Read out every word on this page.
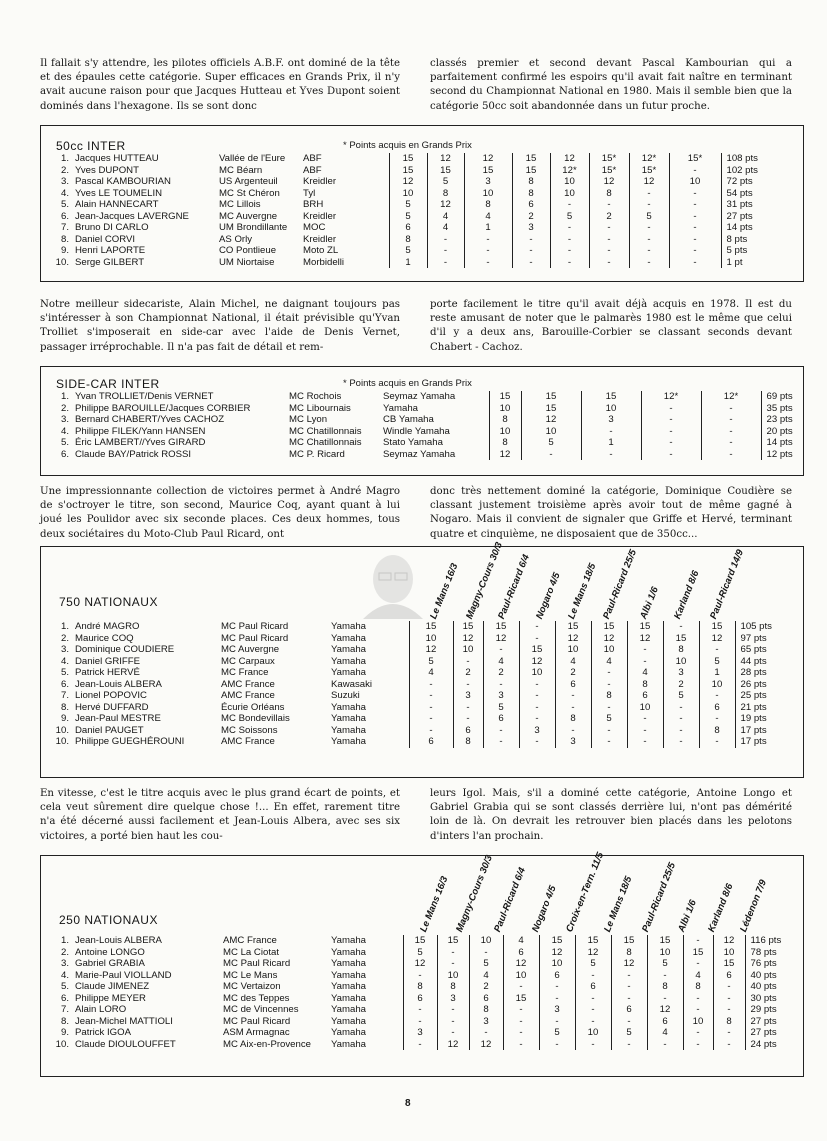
Il fallait s'y attendre, les pilotes officiels A.B.F. ont dominé de la tête et des épaules cette catégorie. Super efficaces en Grands Prix, il n'y avait aucune raison pour que Jacques Hutteau et Yves Dupont soient dominés dans l'hexagone. Ils se sont donc

classés premier et second devant Pascal Kambourian qui a parfaitement confirmé les espoirs qu'il avait fait naître en terminant second du Championnat National en 1980. Mais il semble bien que la catégorie 50cc soit abandonnée dans un futur proche.

50cc INTER	* Points acquis en Grands Prix
1.	Jacques HUTTEAU	Vallée de l'Eure	ABF	15	12	12	15	12	15*	12*	15*	108 pts
2.	Yves DUPONT	MC Béarn	ABF	15	15	15	15	12*	15*	15*	-	102 pts
3.	Pascal KAMBOURIAN	US Argenteuil	Kreidler	12	5	3	8	10	12	12	10	72 pts
4.	Yves LE TOUMELIN	MC St Chéron	Tyl	10	8	10	8	10	8	-	-	54 pts
5.	Alain HANNECART	MC Lillois	BRH	5	12	8	6	-	-	-	-	31 pts
6.	Jean-Jacques LAVERGNE	MC Auvergne	Kreidler	5	4	4	2	5	2	5	-	27 pts
7.	Bruno DI CARLO	UM Brondillante	MOC	6	4	1	3	-	-	-	-	14 pts
8.	Daniel CORVI	AS Orly	Kreidler	8	-	-	-	-	-	-	-	8 pts
9.	Henri LAPORTE	CO Pontlieue	Moto ZL	5	-	-	-	-	-	-	-	5 pts
10.	Serge GILBERT	UM Niortaise	Morbidelli	1	-	-	-	-	-	-	-	1 pt

Notre meilleur sidecariste, Alain Michel, ne daignant toujours pas s'intéresser à son Championnat National, il était prévisible qu'Yvan Trolliet s'imposerait en side-car avec l'aide de Denis Vernet, passager irréprochable. Il n'a pas fait de détail et rem-

porte facilement le titre qu'il avait déjà acquis en 1978. Il est du reste amusant de noter que le palmarès 1980 est le même que celui d'il y a deux ans, Barouille-Corbier se classant seconds devant Chabert - Cachoz.

SIDE-CAR INTER	* Points acquis en Grands Prix
1.	Yvan TROLLIET/Denis VERNET	MC Rochois	Seymaz Yamaha	15	15	15	12*	12*	69 pts
2.	Philippe BAROUILLE/Jacques CORBIER	MC Libournais	Yamaha	10	15	10	-	-	35 pts
3.	Bernard CHABERT/Yves CACHOZ	MC Lyon	CB Yamaha	8	12	3	-	-	23 pts
4.	Philippe FILEK/Yann HANSEN	MC Chatillonnais	Windle Yamaha	10	10	-	-	-	20 pts
5.	Éric LAMBERT//Yves GIRARD	MC Chatillonnais	Stato Yamaha	8	5	1	-	-	14 pts
6.	Claude BAY/Patrick ROSSI	MC P. Ricard	Seymaz Yamaha	12	-	-	-	-	12 pts

Une impressionnante collection de victoires permet à André Magro de s'octroyer le titre, son second, Maurice Coq, ayant quant à lui joué les Poulidor avec six seconde places. Ces deux hommes, tous deux sociétaires du Moto-Club Paul Ricard, ont

donc très nettement dominé la catégorie, Dominique Coudière se classant justement troisième après avoir tout de même gagné à Nogaro. Mais il convient de signaler que Griffe et Hervé, terminant quatre et cinquième, ne disposaient que de 350cc...

750 NATIONAUX	Le Mans 16/3 Magny-Cours 30/3
Paul-Ricard 6/4 Nogaro 4/5 Le Mans 18/5 Paul-Ricard 25/5 Albi 1/6 Karland 8/6 Paul-Ricard 14/9
1.	André MAGRO	MC Paul Ricard	Yamaha	15	15	15	-	15	15	15	-	15	105 pts
2.	Maurice COQ	MC Paul Ricard	Yamaha	10	12	12	-	12	12	12	15	12	97 pts
3.	Dominique COUDIERE	MC Auvergne	Yamaha	12	10	-	15	10	10	-	8	-	65 pts
4.	Daniel GRIFFE	MC Carpaux	Yamaha	5	-	4	12	4	4	-	10	5	44 pts
5.	Patrick HERVÉ	MC France	Yamaha	4	2	2	10	2	-	4	3	1	28 pts
6.	Jean-Louis ALBERA	AMC France	Kawasaki	-	-	-	-	6	-	8	2	10	26 pts
7.	Lionel POPOVIC	AMC France	Suzuki	-	3	3	-	-	8	6	5	-	25 pts
8.	Hervé DUFFARD	Écurie Orléans	Yamaha	-	-	5	-	-	-	10	-	6	21 pts
9.	Jean-Paul MESTRE	MC Bondevillais	Yamaha	-	-	6	-	8	5	-	-	-	19 pts
10.	Daniel PAUGET	MC Soissons	Yamaha	-	6	-	3	-	-	-	-	8	17 pts
10.	Philippe GUEGHÉROUNI	AMC France	Yamaha	6	8	-	-	3	-	-	-	-	17 pts

En vitesse, c'est le titre acquis avec le plus grand écart de points, et cela veut sûrement dire quelque chose !... En effet, rarement titre n'a été décerné aussi facilement et Jean-Louis Albera, avec ses six victoires, a porté bien haut les cou-

leurs Igol. Mais, s'il a dominé cette catégorie, Antoine Longo et Gabriel Grabia qui se sont classés derrière lui, n'ont pas démérité loin de là. On devrait les retrouver bien placés dans les pelotons d'inters l'an prochain.

250 NATIONAUX	Le Mans 16/3 Magny-Cours 30/3
Paul-Ricard 6/4 Nogaro 4/5 Croix-en-Tern. 11/5
Le Mans 18/5 Paul-Ricard 25/5
Albi 1/6 Karland 8/6 Lédenon 7/9
1.	Jean-Louis ALBERA	AMC France	Yamaha	15	15	10	4	15	15	15	15	-	12	116 pts
2.	Antoine LONGO	MC La Ciotat	Yamaha	5	-	-	6	12	12	8	10	15	10	78 pts
3.	Gabriel GRABIA	MC Paul Ricard	Yamaha	12	-	5	12	10	5	12	5	-	15	76 pts
4.	Marie-Paul VIOLLAND	MC Le Mans	Yamaha	-	10	4	10	6	-	-	-	4	6	40 pts
5.	Claude JIMENEZ	MC Vertaizon	Yamaha	8	8	2	-	-	6	-	8	8	-	40 pts
6.	Philippe MEYER	MC des Teppes	Yamaha	6	3	6	15	-	-	-	-	-	-	30 pts
7.	Alain LORO	MC de Vincennes	Yamaha	-	-	8	-	3	-	6	12	-	-	29 pts
8.	Jean-Michel MATTIOLI	MC Paul Ricard	Yamaha	-	-	3	-	-	-	-	6	10	8	27 pts
9.	Patrick IGOA	ASM Armagnac	Yamaha	3	-	-	-	5	10	5	4	-	-	27 pts
10.	Claude DIOULOUFFET	MC Aix-en-Provence	Yamaha	-	12	12	-	-	-	-	-	-	-	24 pts
8
